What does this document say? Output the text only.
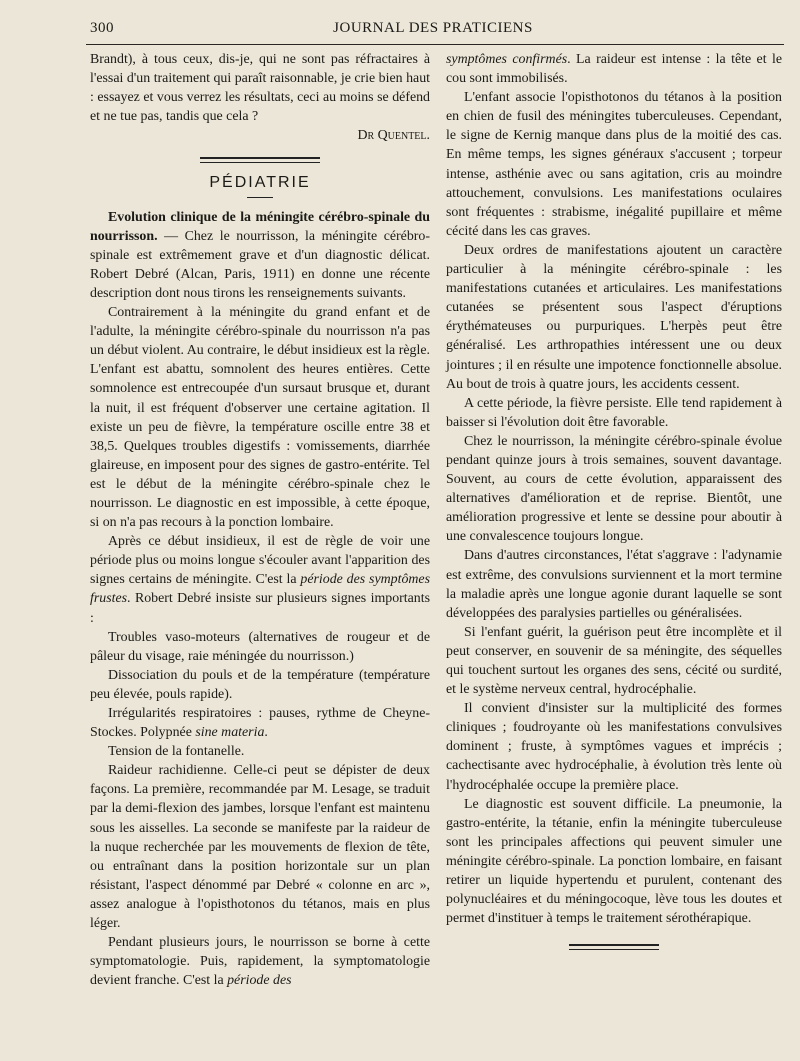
300	JOURNAL DES PRATICIENS

Brandt), à tous ceux, dis-je, qui ne sont pas réfractaires à l'essai d'un traitement qui paraît raisonnable, je crie bien haut : essayez et vous verrez les résultats, ceci au moins se défend et ne tue pas, tandis que cela ?

Dr Quentel.

PÉDIATRIE

Evolution clinique de la méningite cérébro-spinale du nourrisson. — Chez le nourrisson, la méningite cérébro-spinale est extrêmement grave et d'un diagnostic délicat. Robert Debré (Alcan, Paris, 1911) en donne une récente description dont nous tirons les renseignements suivants.

Contrairement à la méningite du grand enfant et de l'adulte, la méningite cérébro-spinale du nourrisson n'a pas un début violent. Au contraire, le début insidieux est la règle. L'enfant est abattu, somnolent des heures entières. Cette somnolence est entrecoupée d'un sursaut brusque et, durant la nuit, il est fréquent d'observer une certaine agitation. Il existe un peu de fièvre, la température oscille entre 38 et 38,5. Quelques troubles digestifs : vomissements, diarrhée glaireuse, en imposent pour des signes de gastro-entérite. Tel est le début de la méningite cérébro-spinale chez le nourrisson. Le diagnostic en est impossible, à cette époque, si on n'a pas recours à la ponction lombaire.

Après ce début insidieux, il est de règle de voir une période plus ou moins longue s'écouler avant l'apparition des signes certains de méningite. C'est la période des symptômes frustes. Robert Debré insiste sur plusieurs signes importants :

Troubles vaso-moteurs (alternatives de rougeur et de pâleur du visage, raie méningée du nourrisson.)

Dissociation du pouls et de la température (température peu élevée, pouls rapide).

Irrégularités respiratoires : pauses, rythme de Cheyne-Stockes. Polypnée sine materia.

Tension de la fontanelle.

Raideur rachidienne. Celle-ci peut se dépister de deux façons. La première, recommandée par M. Lesage, se traduit par la demi-flexion des jambes, lorsque l'enfant est maintenu sous les aisselles. La seconde se manifeste par la raideur de la nuque recherchée par les mouvements de flexion de tête, ou entraînant dans la position horizontale sur un plan résistant, l'aspect dénommé par Debré « colonne en arc », assez analogue à l'opisthotonos du tétanos, mais en plus léger.

Pendant plusieurs jours, le nourrisson se borne à cette symptomatologie. Puis, rapidement, la symptomatologie devient franche. C'est la période des

symptômes confirmés. La raideur est intense : la tête et le cou sont immobilisés.

L'enfant associe l'opisthotonos du tétanos à la position en chien de fusil des méningites tuberculeuses. Cependant, le signe de Kernig manque dans plus de la moitié des cas. En même temps, les signes généraux s'accusent ; torpeur intense, asthénie avec ou sans agitation, cris au moindre attouchement, convulsions. Les manifestations oculaires sont fréquentes : strabisme, inégalité pupillaire et même cécité dans les cas graves.

Deux ordres de manifestations ajoutent un caractère particulier à la méningite cérébro-spinale : les manifestations cutanées et articulaires. Les manifestations cutanées se présentent sous l'aspect d'éruptions érythémateuses ou purpuriques. L'herpès peut être généralisé. Les arthropathies intéressent une ou deux jointures ; il en résulte une impotence fonctionnelle absolue. Au bout de trois à quatre jours, les accidents cessent.

A cette période, la fièvre persiste. Elle tend rapidement à baisser si l'évolution doit être favorable.

Chez le nourrisson, la méningite cérébro-spinale évolue pendant quinze jours à trois semaines, souvent davantage. Souvent, au cours de cette évolution, apparaissent des alternatives d'amélioration et de reprise. Bientôt, une amélioration progressive et lente se dessine pour aboutir à une convalescence toujours longue.

Dans d'autres circonstances, l'état s'aggrave : l'adynamie est extrême, des convulsions surviennent et la mort termine la maladie après une longue agonie durant laquelle se sont développées des paralysies partielles ou généralisées.

Si l'enfant guérit, la guérison peut être incomplète et il peut conserver, en souvenir de sa méningite, des séquelles qui touchent surtout les organes des sens, cécité ou surdité, et le système nerveux central, hydrocéphalie.

Il convient d'insister sur la multiplicité des formes cliniques ; foudroyante où les manifestations convulsives dominent ; fruste, à symptômes vagues et imprécis ; cachectisante avec hydrocéphalie, à évolution très lente où l'hydrocéphalée occupe la première place.

Le diagnostic est souvent difficile. La pneumonie, la gastro-entérite, la tétanie, enfin la méningite tuberculeuse sont les principales affections qui peuvent simuler une méningite cérébro-spinale. La ponction lombaire, en faisant retirer un liquide hypertendu et purulent, contenant des polynucléaires et du méningocoque, lève tous les doutes et permet d'instituer à temps le traitement sérothérapique.
